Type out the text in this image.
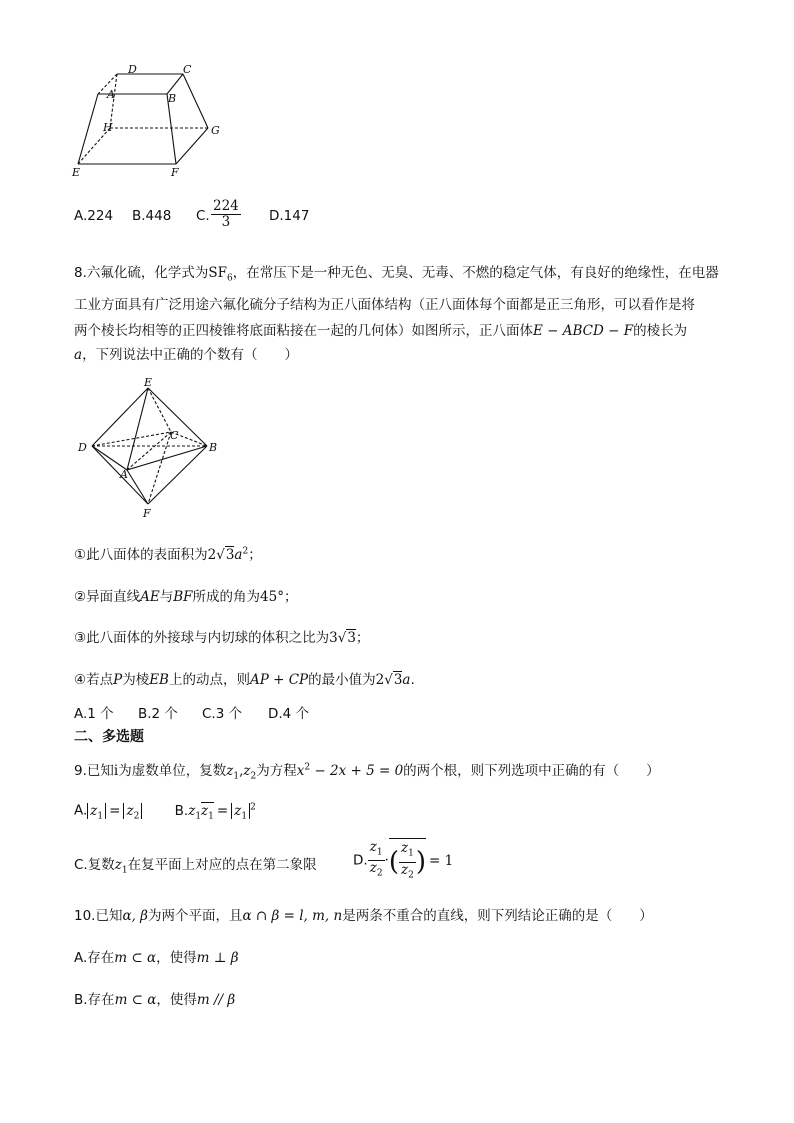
D	C
A	B
H	G
E	F
A.224 B.448 C. $\frac{224}{3} D.147$
8.六氟化硫，化学式为$SF_6$，在常压下是一种无色、无臭、无毒、不燃的稳定气体，有良好的绝缘性，在电器
工业方面具有广泛用途六氟化硫分子结构为正八面体结构（正八面体每个面都是正三角形，可以看作是将
两个棱长均相等的正四棱锥将底面粘接在一起的几何体）如图所示，正八面体E − ABCD − F的棱长为
a，下列说法中正确的个数有（　　）
E
D
C
B
A
F
①此八面体的表面积为$2√3a^2$；
②异面直线AE与BF所成的角为45°；
③此八面体的外接球与内切球的体积之比为3√3；
④若点P为棱EB上的动点，则AP + CP的最小值为2√3a.
A.1 个 B.2 个 C.3 个 D.4 个
二、多选题
9.已知i为虚数单位，复数$z_1,z_2$为方程$x^2 - 2x + 5 = 0$的两个根，则下列选项中正确的有（　　）
A. $z_1 = z_2$	$B.z_1z_1 = z_1^2$
C.复数$z_1$在复平面上对应的点在第二象限	D. $\frac{z_1}{z_2}$ ·( $\frac{z_1}{z_2}$ ) = 1
10.已知α, β为两个平面，且α ∩ β = l, m, n是两条不重合的直线，则下列结论正确的是（　　）
A.存在m ⊂ α，使得m ⊥ β
B.存在m ⊂ α，使得m // β
